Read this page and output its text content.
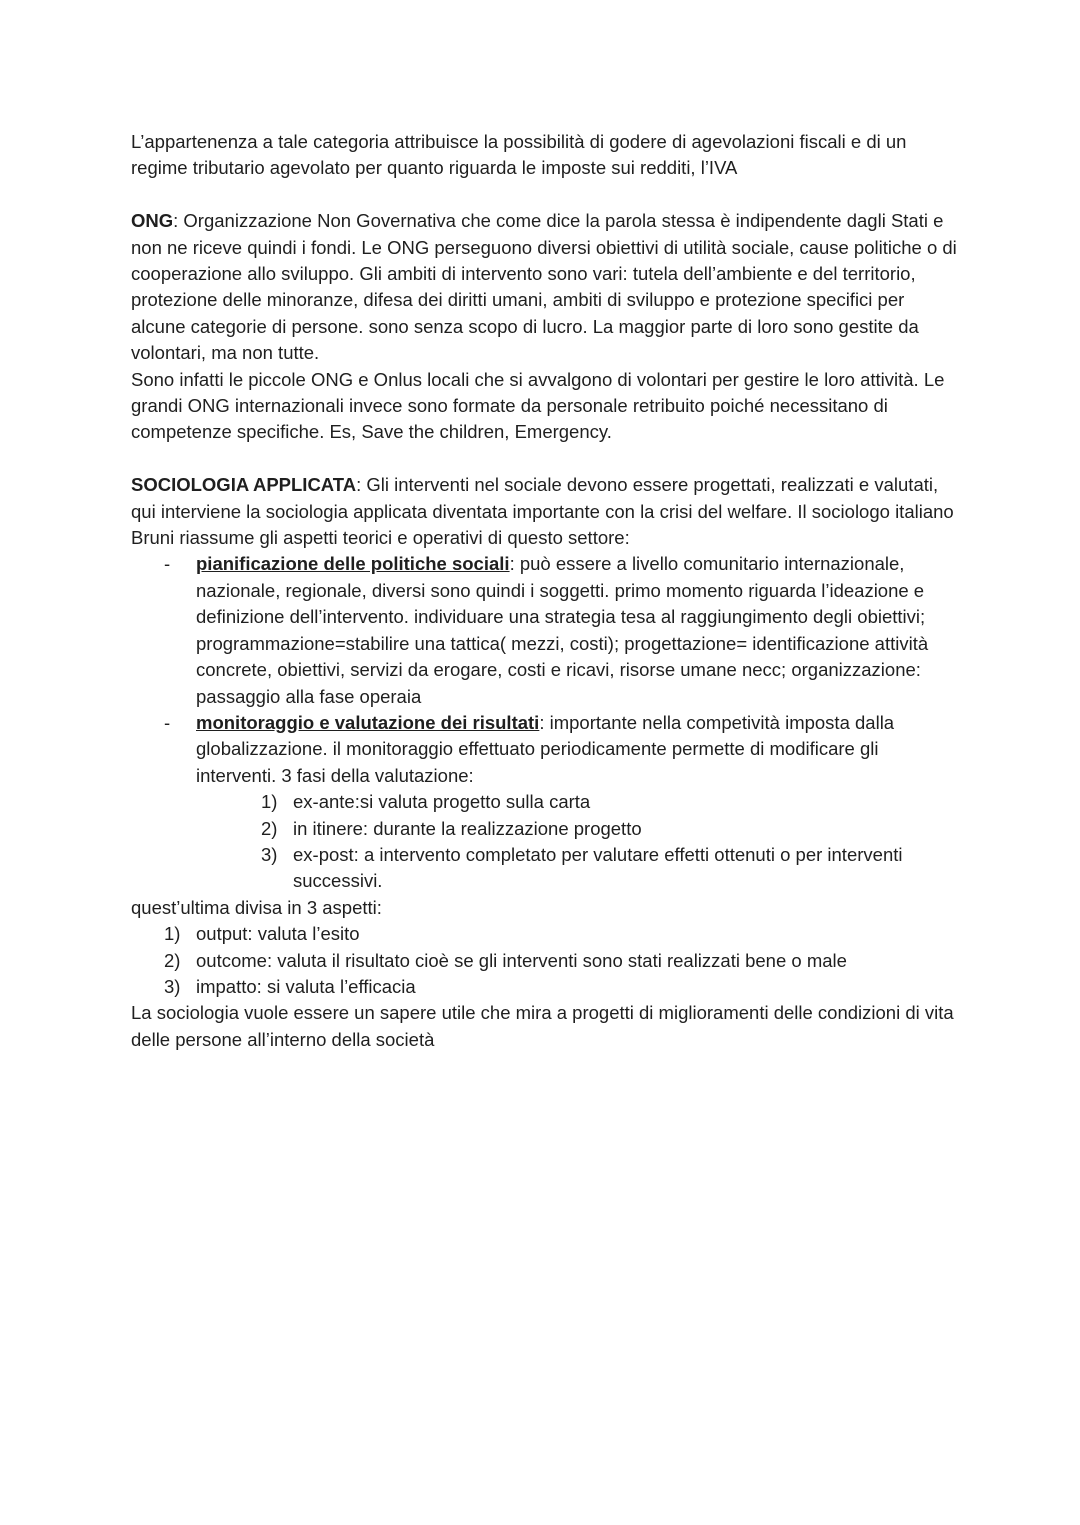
L’appartenenza a tale categoria attribuisce la possibilità di godere di agevolazioni fiscali e di un regime tributario agevolato per quanto riguarda le imposte sui redditi, l’IVA

ONG: Organizzazione Non Governativa che come dice la parola stessa è indipendente dagli Stati e non ne riceve quindi i fondi. Le ONG perseguono diversi obiettivi di utilità sociale, cause politiche o di cooperazione allo sviluppo. Gli ambiti di intervento sono vari: tutela dell’ambiente e del territorio, protezione delle minoranze, difesa dei diritti umani, ambiti di sviluppo e protezione specifici per alcune categorie di persone. sono senza scopo di lucro. La maggior parte di loro sono gestite da volontari, ma non tutte.

Sono infatti le piccole ONG e Onlus locali che si avvalgono di volontari per gestire le loro attività. Le grandi ONG internazionali invece sono formate da personale retribuito poiché necessitano di competenze specifiche. Es, Save the children, Emergency.

SOCIOLOGIA APPLICATA: Gli interventi nel sociale devono essere progettati, realizzati e valutati, qui interviene la sociologia applicata diventata importante con la crisi del welfare. Il sociologo italiano Bruni riassume gli aspetti teorici e operativi di questo settore:

- pianificazione delle politiche sociali: può essere a livello comunitario internazionale, nazionale, regionale, diversi sono quindi i soggetti. primo momento riguarda l’ideazione e definizione dell’intervento. individuare una strategia tesa al raggiungimento degli obiettivi; programmazione=stabilire una tattica( mezzi, costi); progettazione= identificazione attività concrete, obiettivi, servizi da erogare, costi e ricavi, risorse umane necc; organizzazione: passaggio alla fase operaia
- monitoraggio e valutazione dei risultati: importante nella competività imposta dalla globalizzazione. il monitoraggio effettuato periodicamente permette di modificare gli interventi. 3 fasi della valutazione:
1) ex-ante:si valuta progetto sulla carta
2) in itinere: durante la realizzazione progetto
3) ex-post: a intervento completato per valutare effetti ottenuti o per interventi successivi.

quest’ultima divisa in 3 aspetti:

1) output: valuta l’esito
2) outcome: valuta il risultato cioè se gli interventi sono stati realizzati bene o male
3) impatto: si valuta l’efficacia

La sociologia vuole essere un sapere utile che mira a progetti di miglioramenti delle condizioni di vita delle persone all’interno della società
